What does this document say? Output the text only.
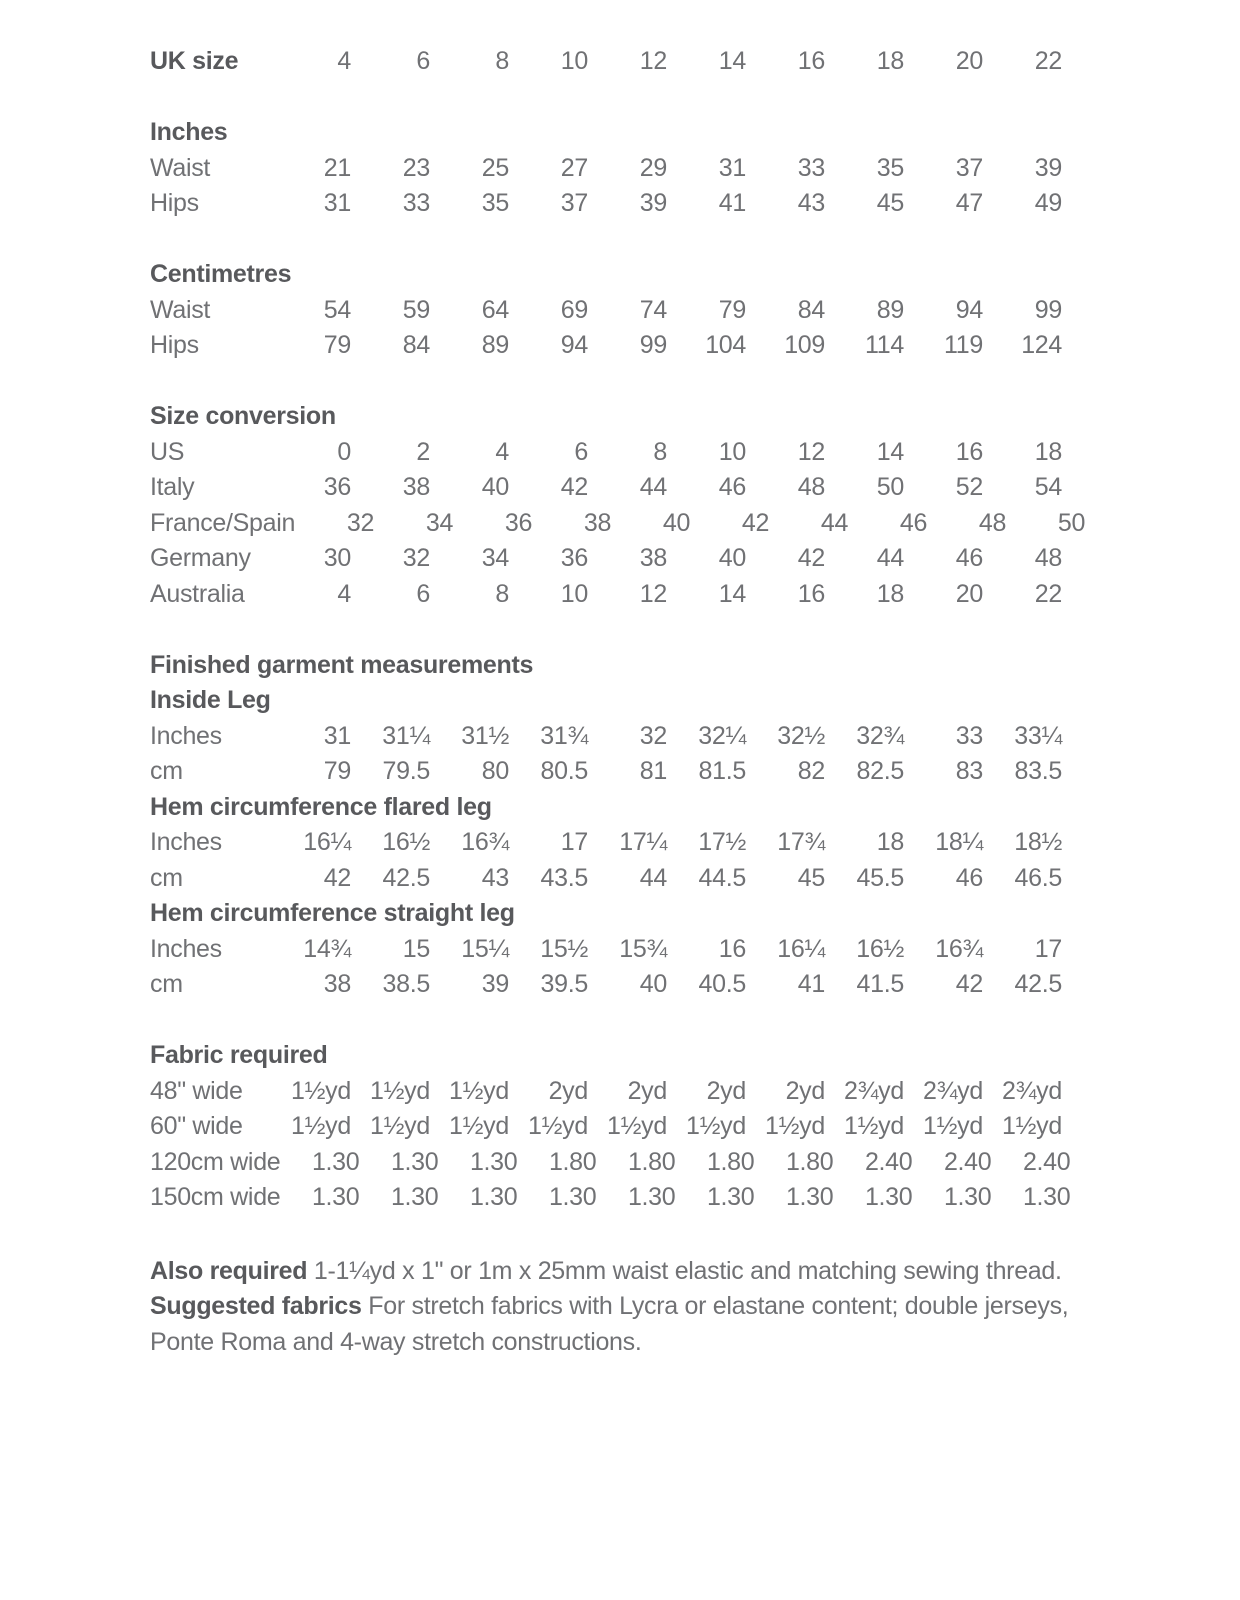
UK size	4	6	8	10	12	14	16	18	20	22
Inches
Waist	21	23	25	27	29	31	33	35	37	39
Hips	31	33	35	37	39	41	43	45	47	49
Centimetres
Waist	54	59	64	69	74	79	84	89	94	99
Hips	79	84	89	94	99	104	109	114	119	124
Size conversion
US	0	2	4	6	8	10	12	14	16	18
Italy	36	38	40	42	44	46	48	50	52	54
France/Spain	32	34	36	38	40	42	44	46	48	50
Germany	30	32	34	36	38	40	42	44	46	48
Australia	4	6	8	10	12	14	16	18	20	22
Finished garment measurements
Inside Leg
Inches	31	31¼	31½	31¾	32	32¼	32½	32¾	33	33¼
cm	79	79.5	80	80.5	81	81.5	82	82.5	83	83.5
Hem circumference flared leg
Inches	16¼	16½	16¾	17	17¼	17½	17¾	18	18¼	18½
cm	42	42.5	43	43.5	44	44.5	45	45.5	46	46.5
Hem circumference straight leg
Inches	14¾	15	15¼	15½	15¾	16	16¼	16½	16¾	17
cm	38	38.5	39	39.5	40	40.5	41	41.5	42	42.5
Fabric required
48" wide	1½yd 1½yd 1½yd	2yd	2yd	2yd	2yd 2¾yd 2¾yd 2¾yd
60" wide	1½yd 1½yd 1½yd 1½yd 1½yd 1½yd 1½yd 1½yd 1½yd 1½yd
120cm wide	1.30	1.30	1.30	1.80	1.80	1.80	1.80	2.40	2.40	2.40
150cm wide	1.30	1.30	1.30	1.30	1.30	1.30	1.30	1.30	1.30	1.30

Also required 1-1¼yd x 1" or 1m x 25mm waist elastic and matching sewing thread. Suggested fabrics For stretch fabrics with Lycra or elastane content; double jerseys, Ponte Roma and 4-way stretch constructions.
